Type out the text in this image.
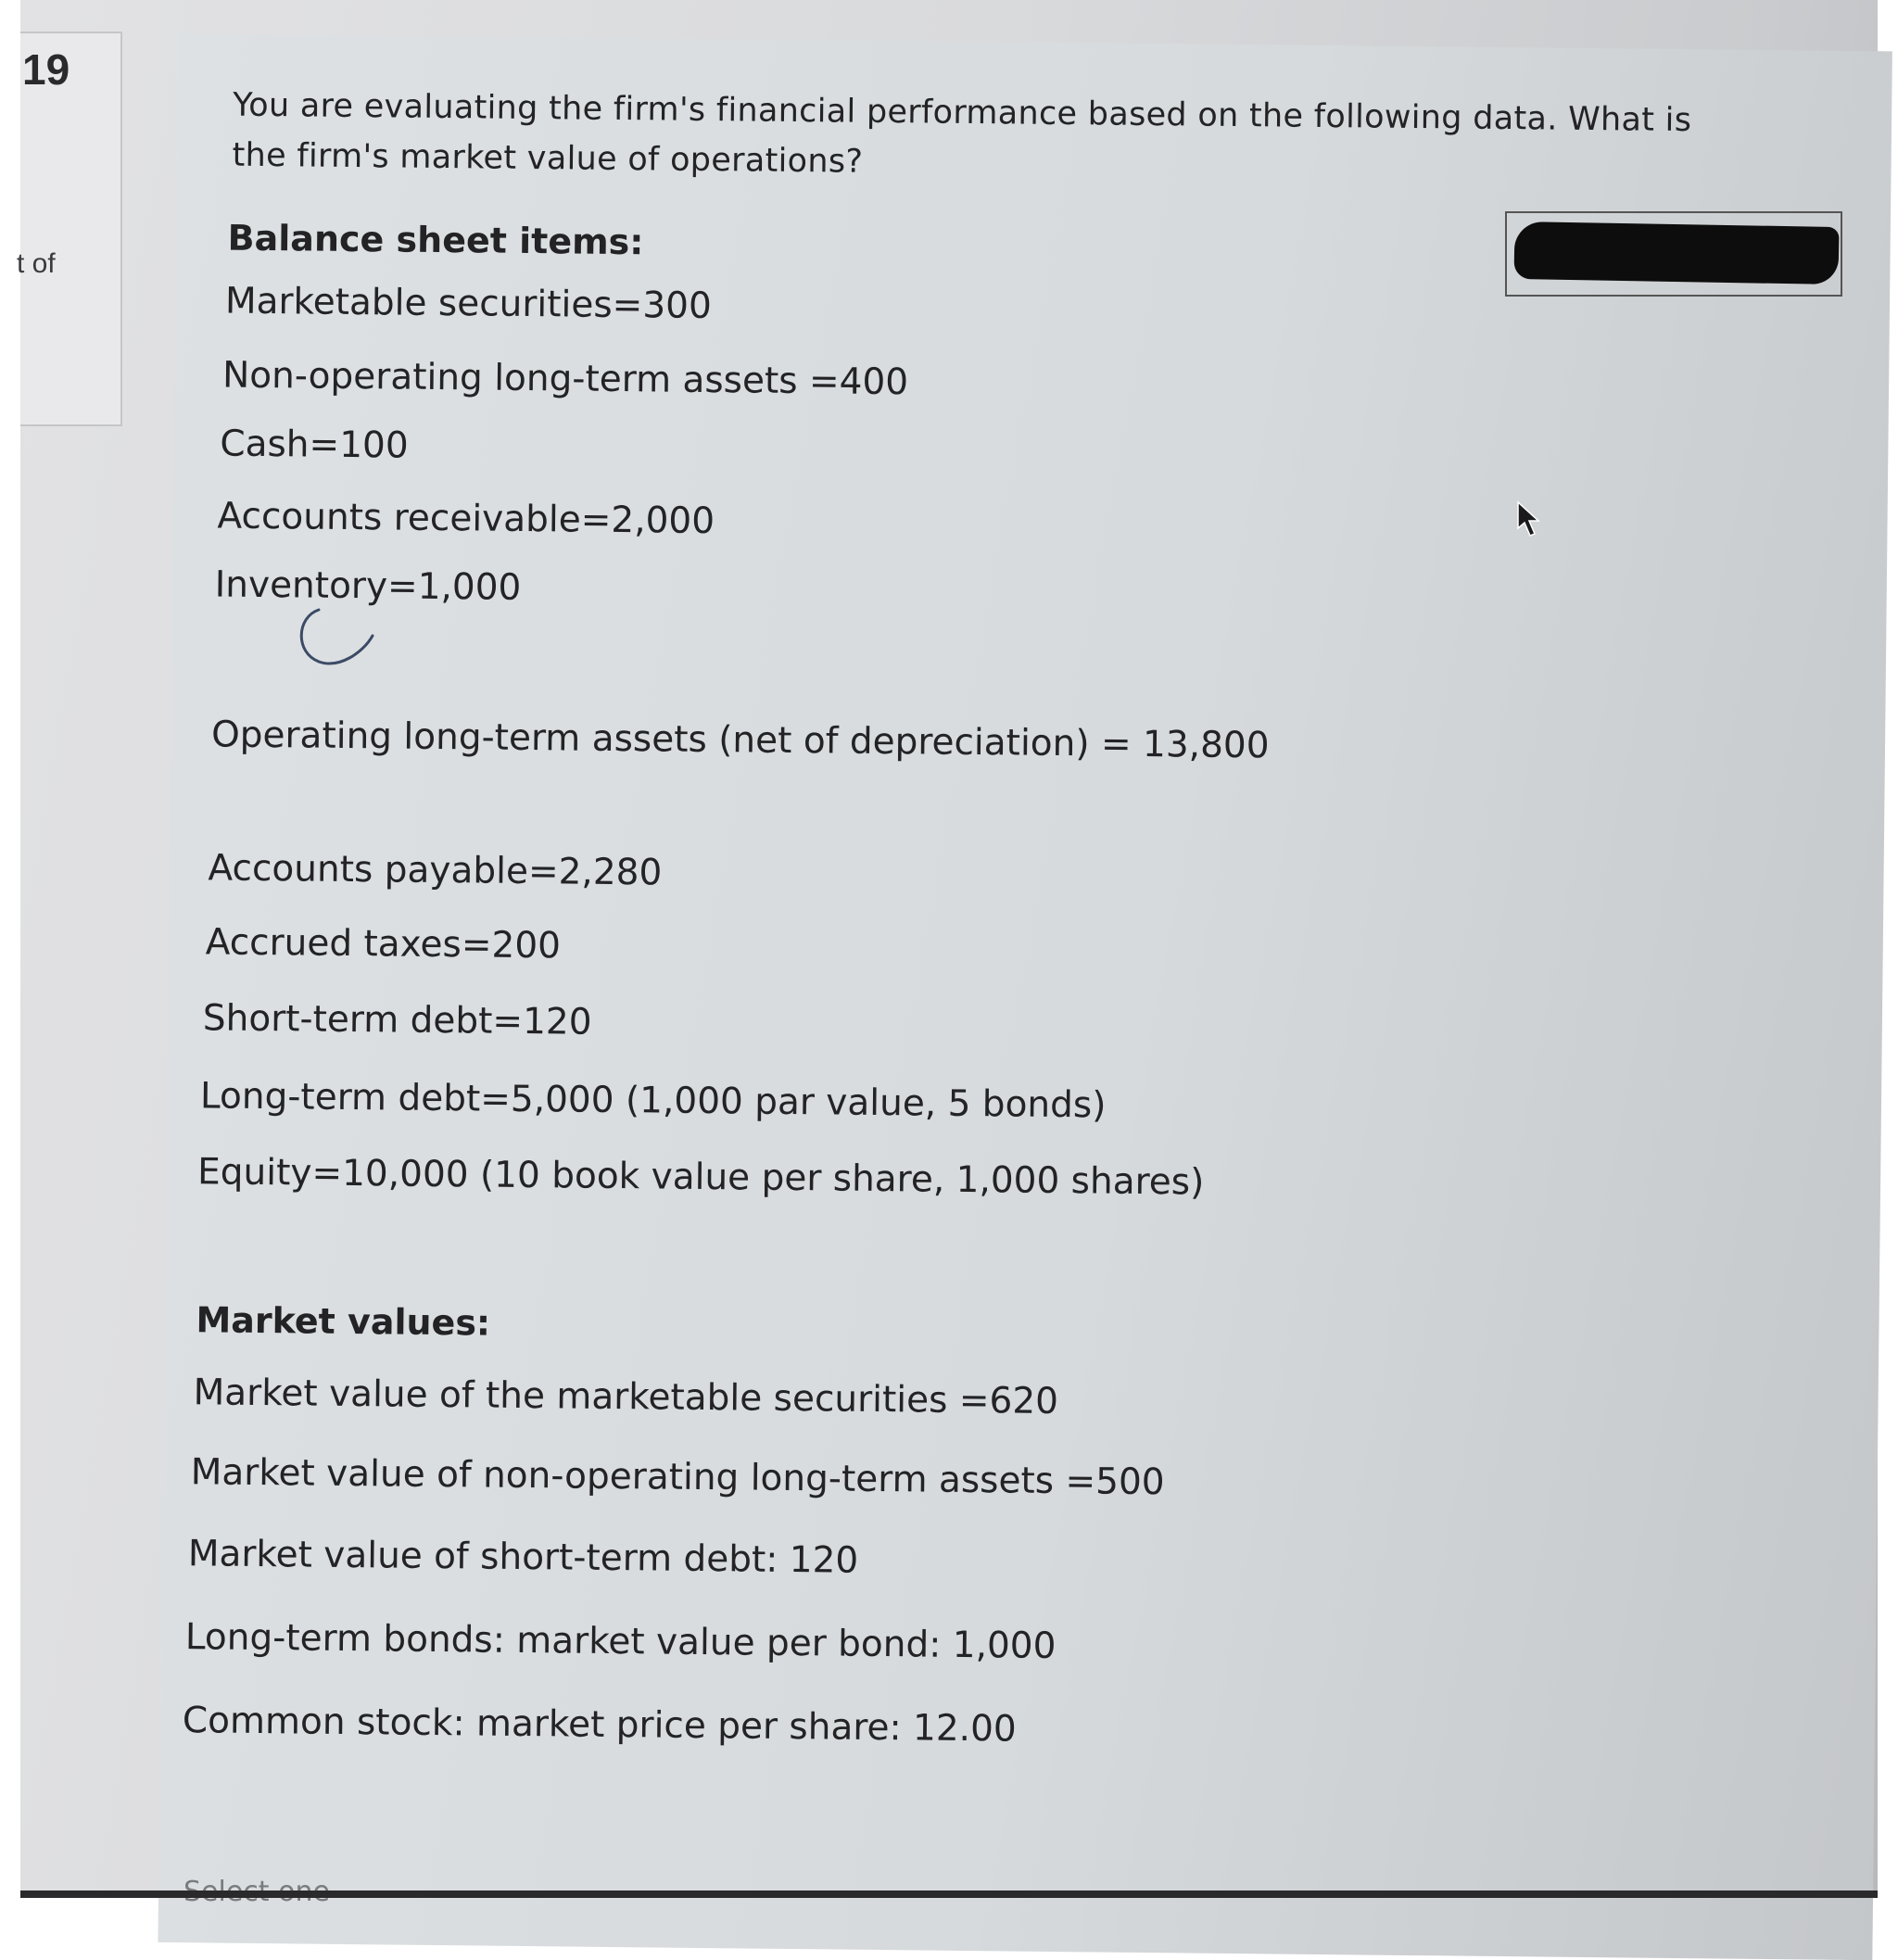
19
t of
You are evaluating the firm's financial performance based on the following data. What is
the firm's market value of operations?
Balance sheet items:
Marketable securities=300
Non-operating long-term assets =400
Cash=100
Accounts receivable=2,000
Inventory=1,000
Operating long-term assets (net of depreciation) = 13,800
Accounts payable=2,280
Accrued taxes=200
Short-term debt=120
Long-term debt=5,000 (1,000 par value, 5 bonds)
Equity=10,000 (10 book value per share, 1,000 shares)
Market values:
Market value of the marketable securities =620
Market value of non-operating long-term assets =500
Market value of short-term debt: 120
Long-term bonds: market value per bond: 1,000
Common stock: market price per share: 12.00
